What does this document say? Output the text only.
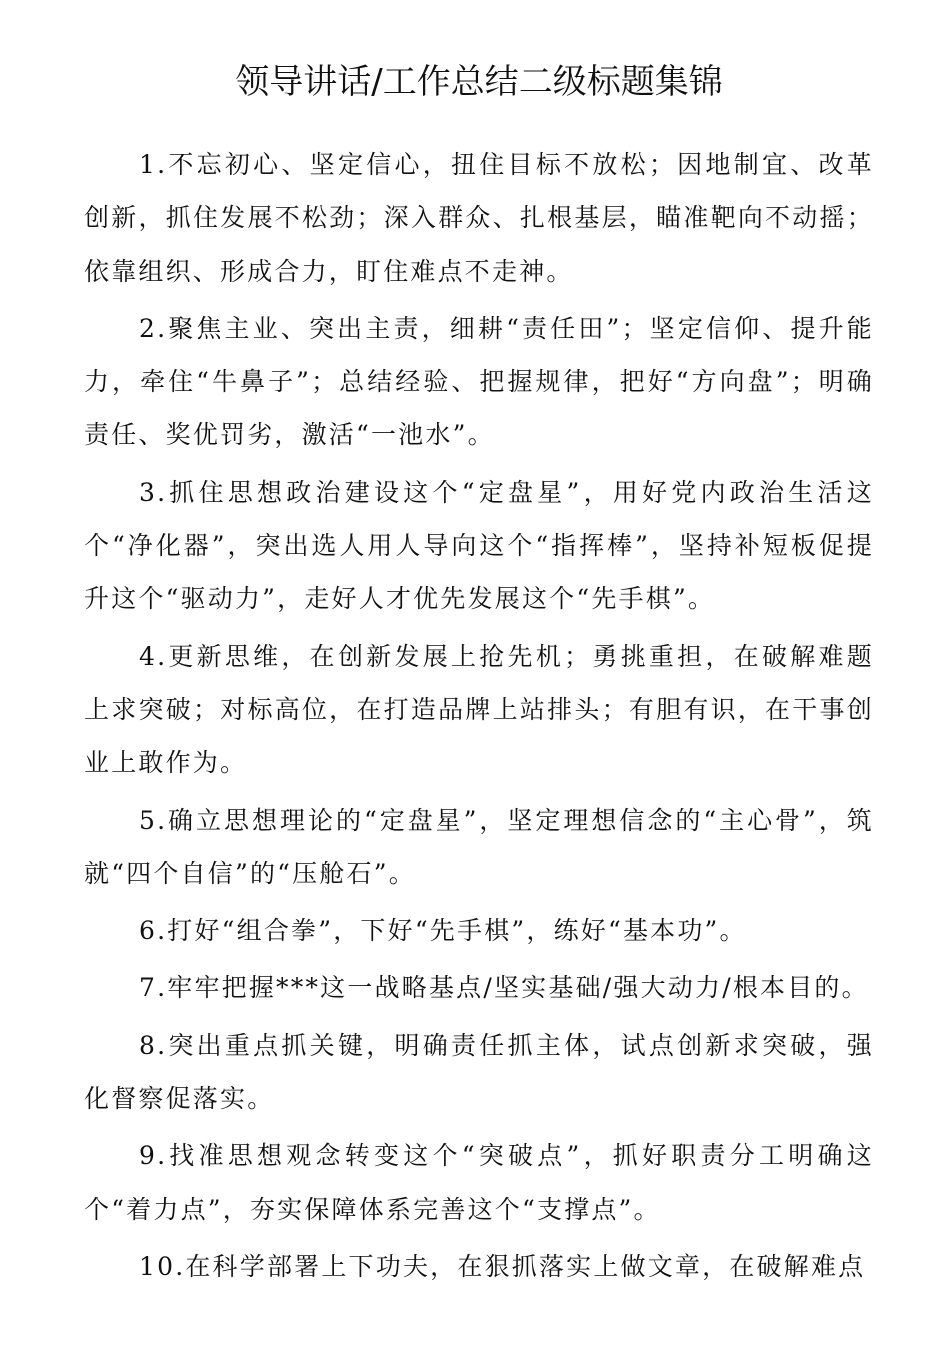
领导讲话/工作总结二级标题集锦

1.不忘初心、坚定信心，扭住目标不放松；因地制宜、改革创新，抓住发展不松劲；深入群众、扎根基层，瞄准靶向不动摇；依靠组织、形成合力，盯住难点不走神。

2.聚焦主业、突出主责，细耕“责任田”；坚定信仰、提升能力，牵住“牛鼻子”；总结经验、把握规律，把好“方向盘”；明确责任、奖优罚劣，激活“一池水”。

3.抓住思想政治建设这个“定盘星”，用好党内政治生活这个“净化器”，突出选人用人导向这个“指挥棒”，坚持补短板促提升这个“驱动力”，走好人才优先发展这个“先手棋”。

4.更新思维，在创新发展上抢先机；勇挑重担，在破解难题上求突破；对标高位，在打造品牌上站排头；有胆有识，在干事创业上敢作为。

5.确立思想理论的“定盘星”，坚定理想信念的“主心骨”，筑就“四个自信”的“压舱石”。

6.打好“组合拳”，下好“先手棋”，练好“基本功”。

7.牢牢把握***这一战略基点/坚实基础/强大动力/根本目的。

8.突出重点抓关键，明确责任抓主体，试点创新求突破，强化督察促落实。

9.找准思想观念转变这个“突破点”，抓好职责分工明确这个“着力点”，夯实保障体系完善这个“支撑点”。

10.在科学部署上下功夫，在狠抓落实上做文章，在破解难点
